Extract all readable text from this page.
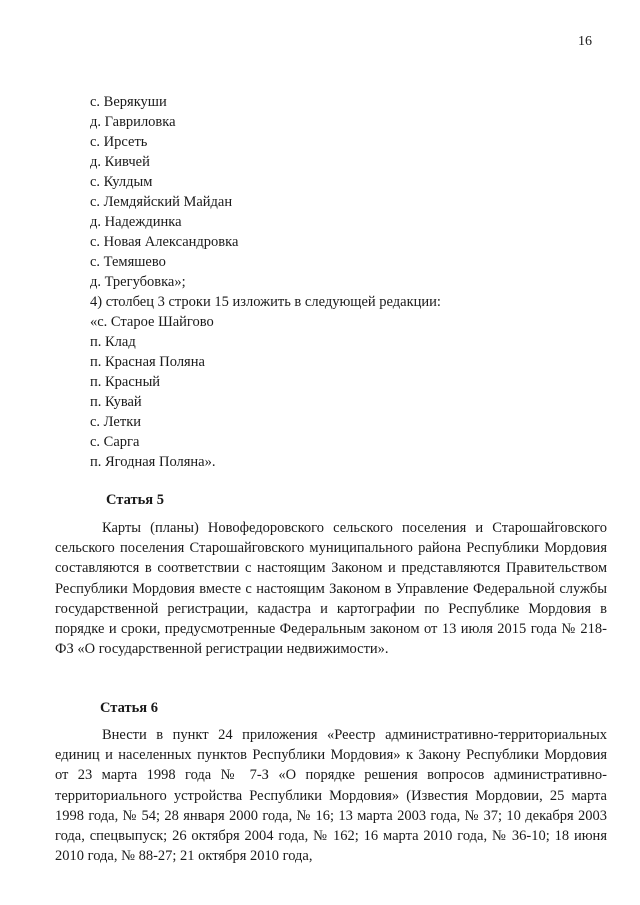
16
с. Верякуши
д. Гавриловка
с. Ирсеть
д. Кивчей
с. Кулдым
с. Лемдяйский Майдан
д. Надеждинка
с. Новая Александровка
с. Темяшево
д. Трегубовка»;
4) столбец 3 строки 15 изложить в следующей редакции:
«с. Старое Шайгово
п. Клад
п. Красная Поляна
п. Красный
п. Кувай
с. Летки
с. Сарга
п. Ягодная Поляна».
Статья 5

Карты (планы) Новофедоровского сельского поселения и Старошайговского сельского поселения Старошайговского муниципального района Республики Мордовия составляются в соответствии с настоящим Законом и представляются Правительством Республики Мордовия вместе с настоящим Законом в Управление Федеральной службы государственной регистрации, кадастра и картографии по Республике Мордовия в порядке и сроки, предусмотренные Федеральным законом от 13 июля 2015 года № 218-ФЗ «О государственной регистрации недвижимости».

Статья 6

Внести в пункт 24 приложения «Реестр административно-территориальных единиц и населенных пунктов Республики Мордовия» к Закону Республики Мордовия от 23 марта 1998 года № 7-З «О порядке решения вопросов административно-территориального устройства Республики Мордовия» (Известия Мордовии, 25 марта 1998 года, № 54; 28 января 2000 года, № 16; 13 марта 2003 года, № 37; 10 декабря 2003 года, спецвыпуск; 26 октября 2004 года, № 162; 16 марта 2010 года, № 36-10; 18 июня 2010 года, № 88-27; 21 октября 2010 года,
